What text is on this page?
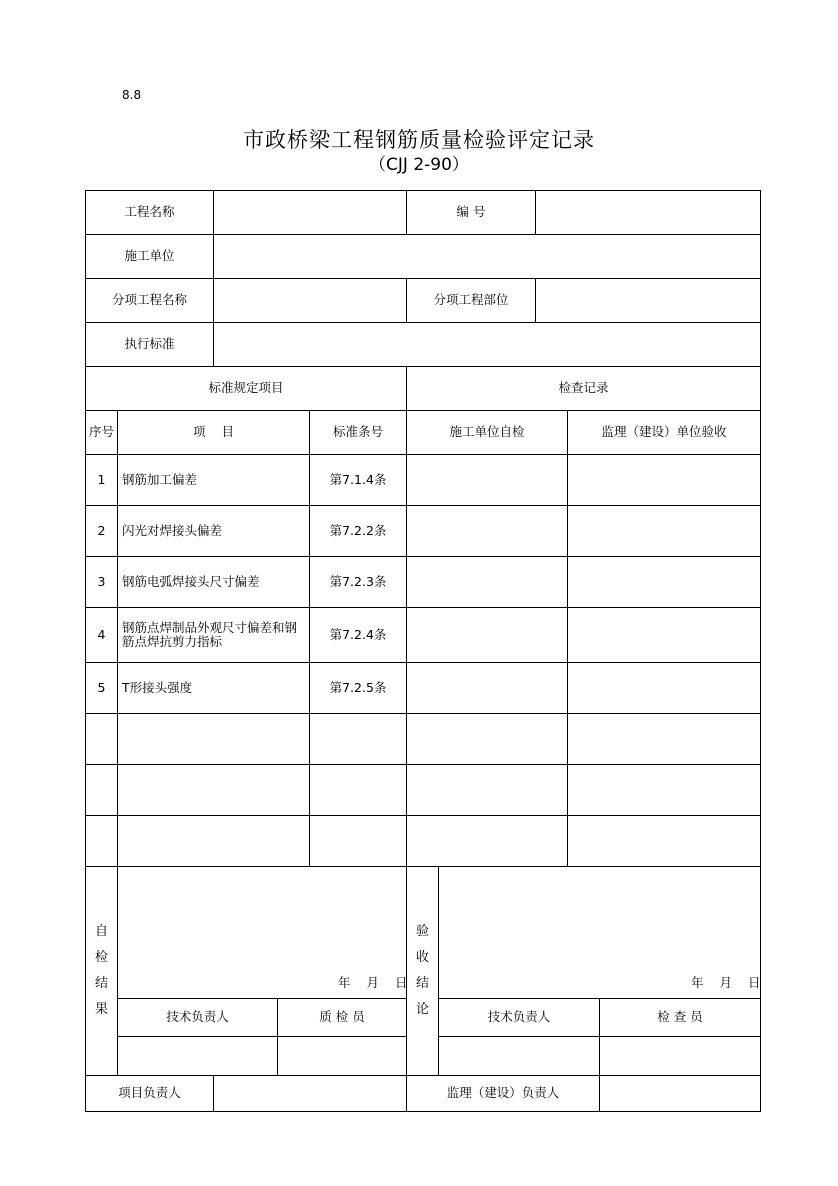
8.8
市政桥梁工程钢筋质量检验评定记录
（CJJ 2-90）
工程名称	编 号
施工单位
分项工程名称	分项工程部位
执行标准
标准规定项目	检查记录
序号	项    目	标准条号	施工单位自检	监理（建设）单位验收
1	钢筋加工偏差	第7.1.4条
2	闪光对焊接头偏差	第7.2.2条
3	钢筋电弧焊接头尺寸偏差	第7.2.3条
4	钢筋点焊制品外观尺寸偏差和钢筋点焊抗剪力指标	第7.2.4条
5	T形接头强度	第7.2.5条
自
检
结
果
年 月 日
技术负责人	质 检 员
验
收
结
论
年 月 日
技术负责人	检 查 员
项目负责人	监理（建设）负责人
